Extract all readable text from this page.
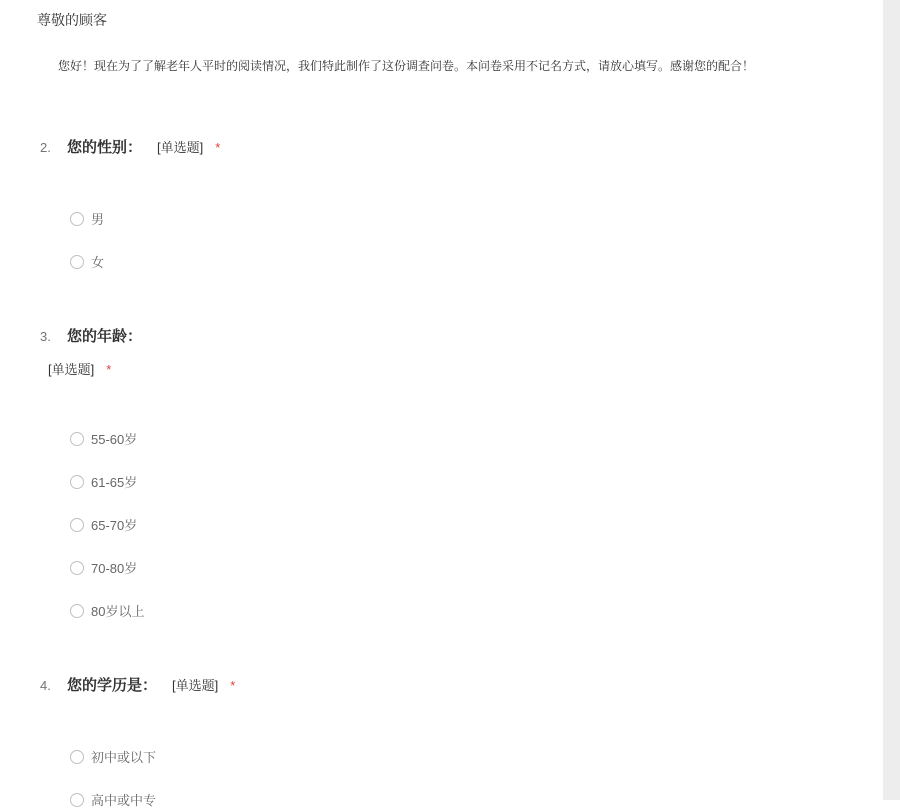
尊敬的顾客
您好！现在为了了解老年人平时的阅读情况，我们特此制作了这份调查问卷。本问卷采用不记名方式，请放心填写。感谢您的配合！
2.	您的性别： [单选题] *
男
女
3.	您的年龄：
[单选题] *
55-60岁
61-65岁
65-70岁
70-80岁
80岁以上
4.	您的学历是： [单选题] *
初中或以下
高中或中专
